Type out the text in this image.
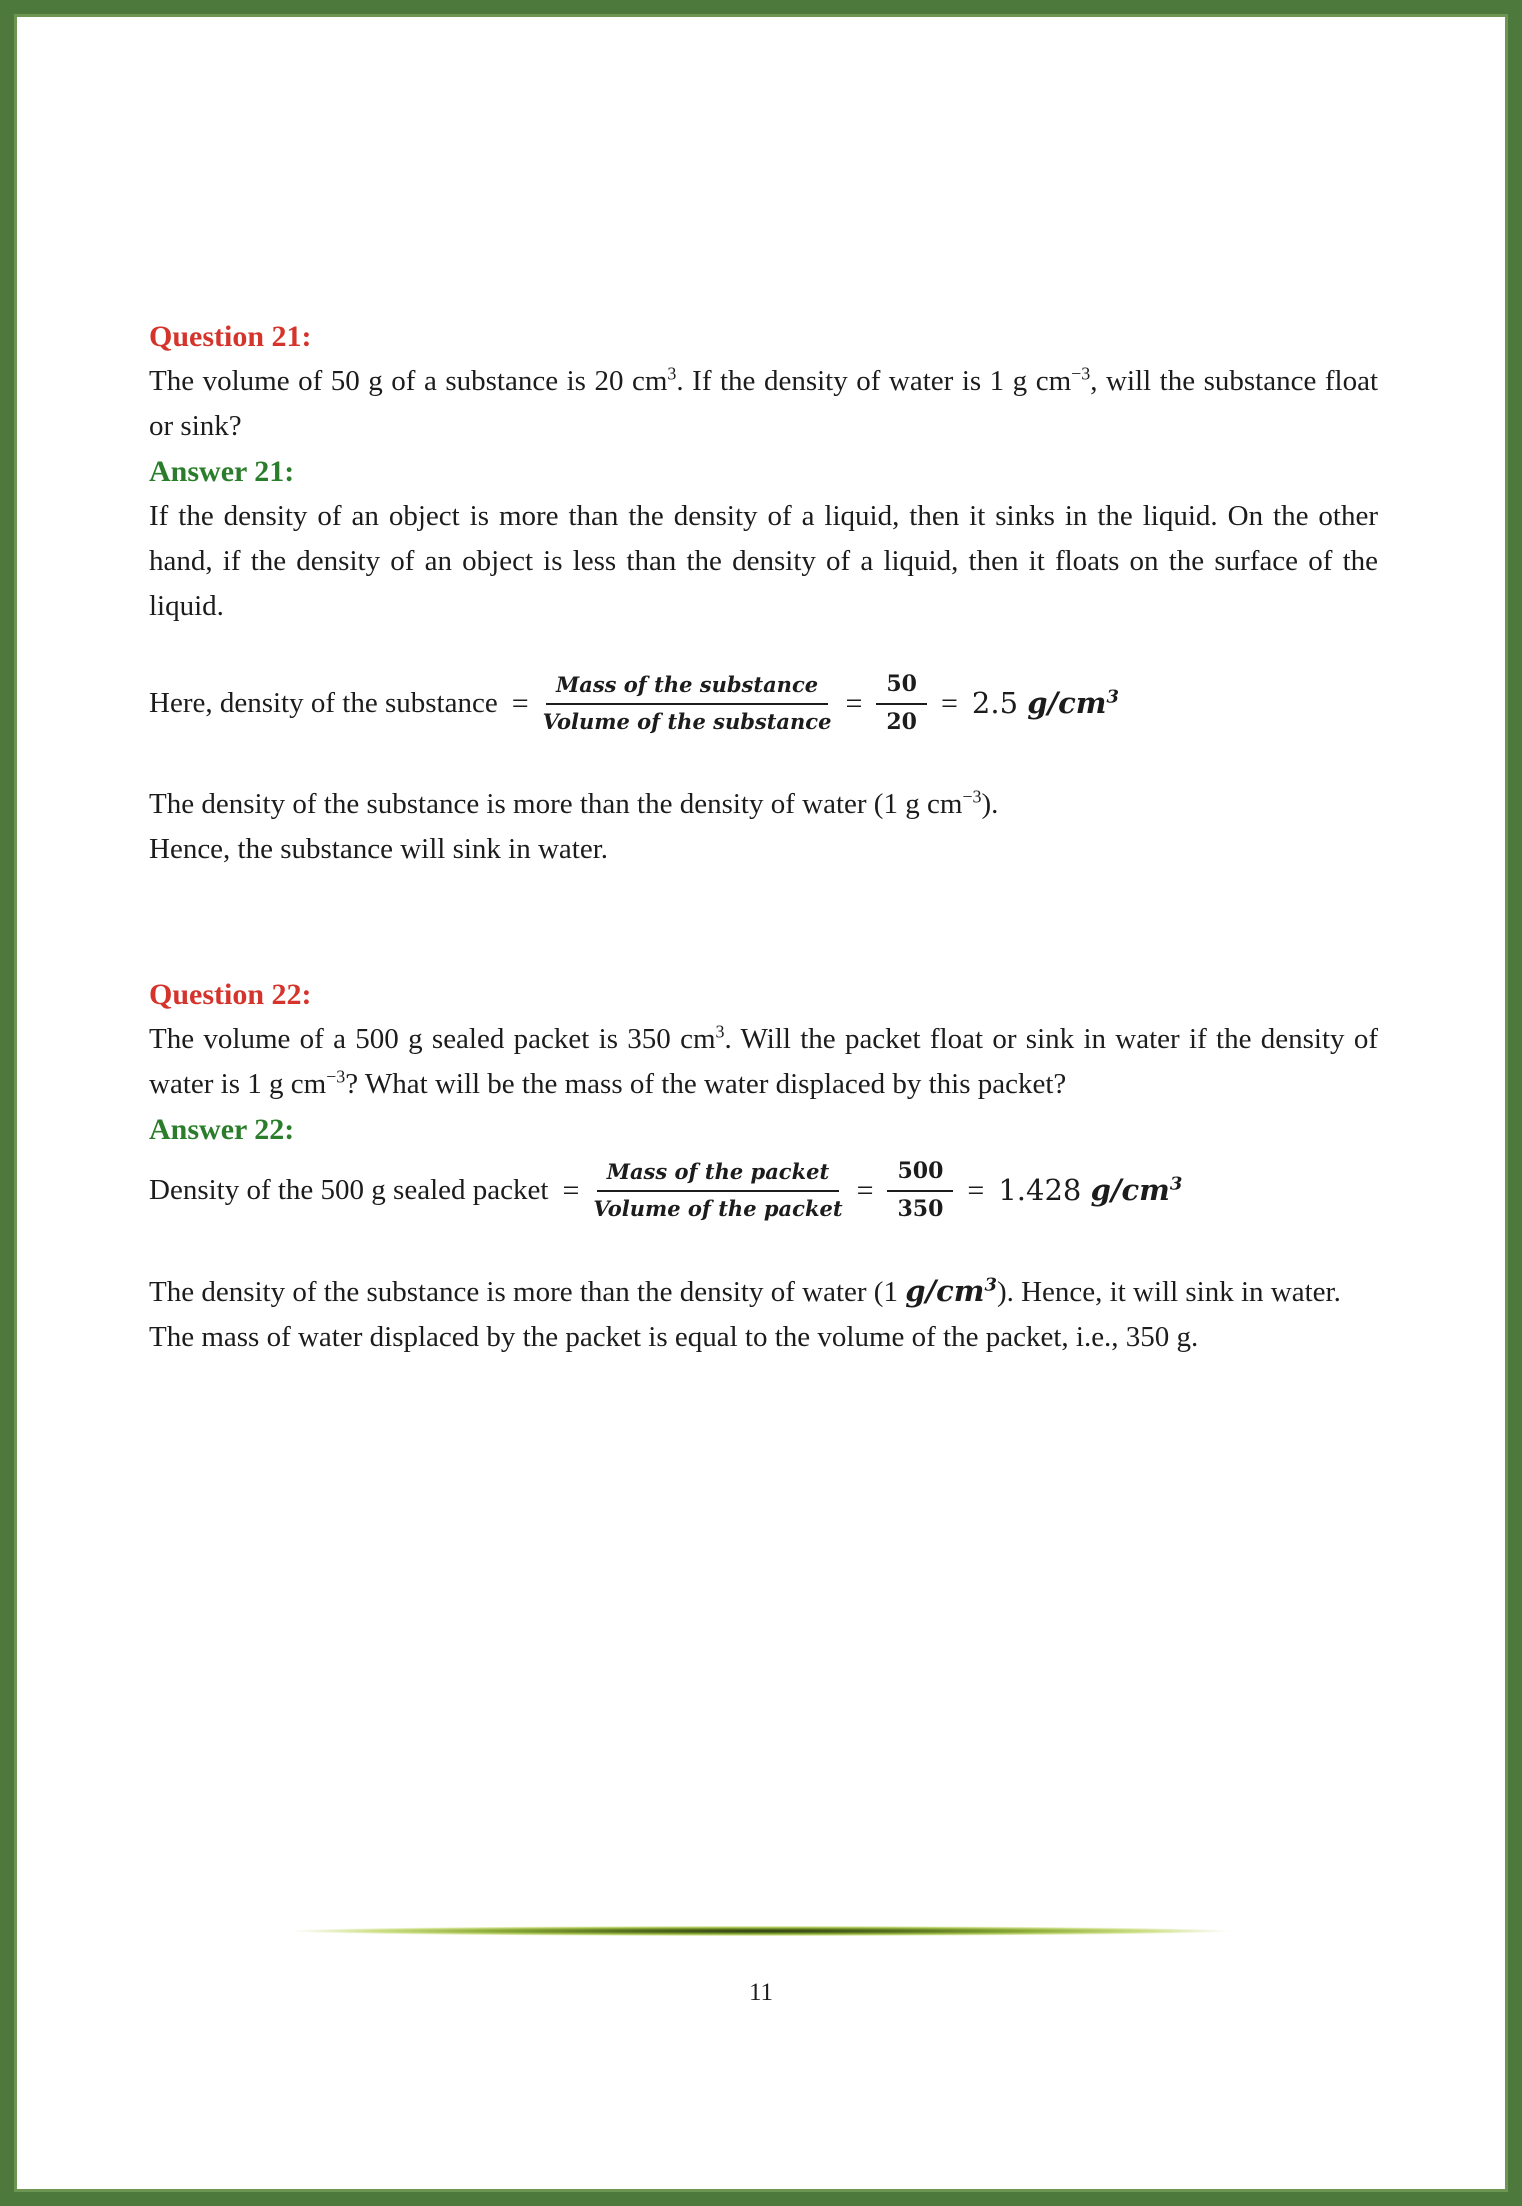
Question 21:

The volume of 50 g of a substance is 20 $cm^3$. If the density of water is 1 g $cm^{-3}$, will the substance float or sink?

Answer 21:

If the density of an object is more than the density of a liquid, then it sinks in the liquid. On the other hand, if the density of an object is less than the density of a liquid, then it floats on the surface of the liquid.

Here, density of the substance = $\frac{\text{Mass of the substance}}{\text{Volume of the substance}} = \frac{50}{20} = 2.5$ $g/cm^3$

The density of the substance is more than the density of water (1 g $cm^{-3}$).

Hence, the substance will sink in water.

Question 22:

The volume of a 500 g sealed packet is 350 $cm^3$. Will the packet float or sink in water if the density of water is 1 g $cm^{-3}$? What will be the mass of the water displaced by this packet?

Answer 22:
Density of the 500 g sealed packet = $\frac{\text{Mass of the packet}}{\text{Volume of the packet}} = \frac{500}{350} = 1.428$ $g/cm^3$

The density of the substance is more than the density of water (1 $g/cm^3$). Hence, it will sink in water.

The mass of water displaced by the packet is equal to the volume of the packet, i.e., 350 g.

11
